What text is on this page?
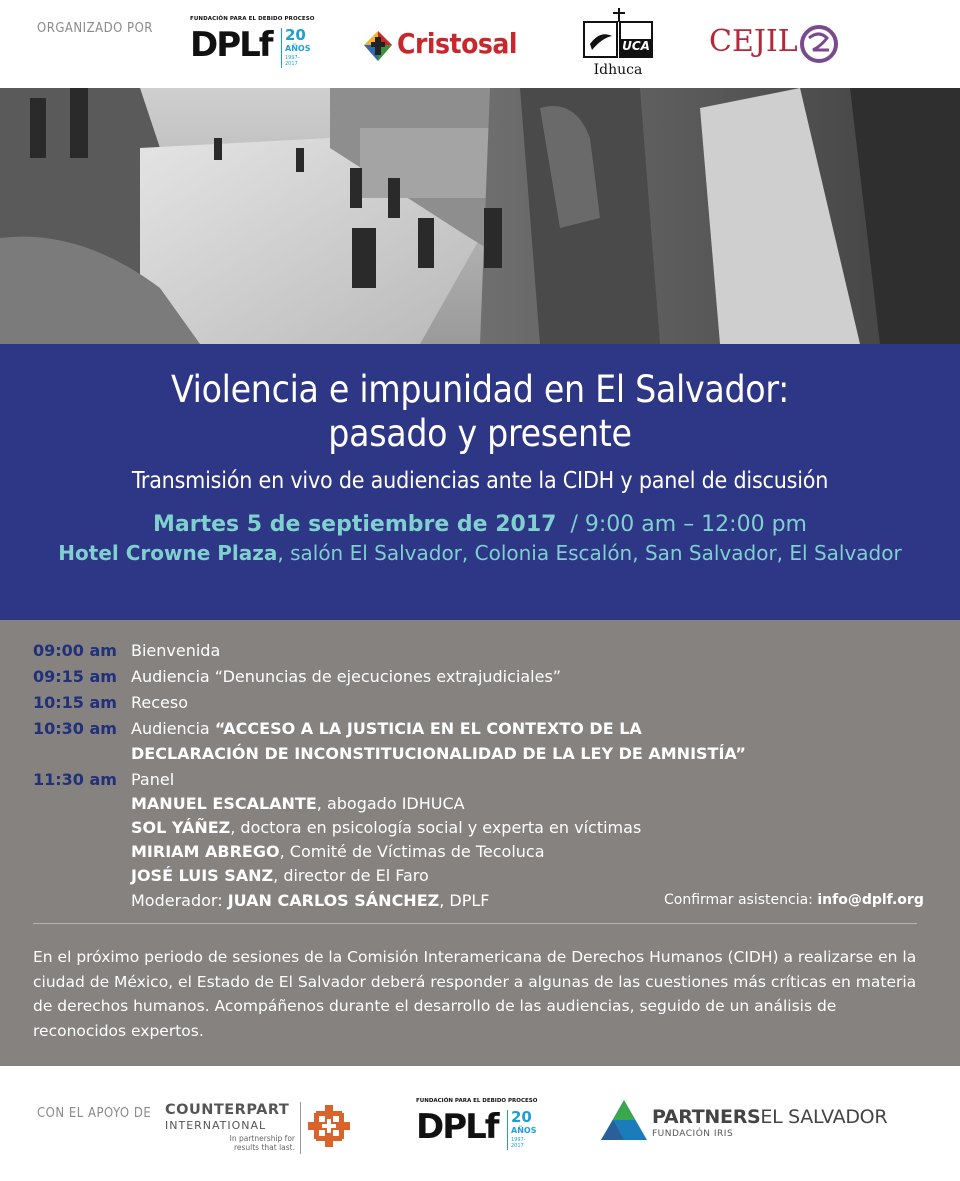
ORGANIZADO POR
FUNDACIÓN PARA EL DEBIDO PROCESO
DPLf 20
AÑOS
1997-2017
Cristosal	UCA
Idhuca
CEJIL
Violencia e impunidad en El Salvador:
pasado y presente
Transmisión en vivo de audiencias ante la CIDH y panel de discusión
Martes 5 de septiembre de 2017 / 9:00 am – 12:00 pm
Hotel Crowne Plaza, salón El Salvador, Colonia Escalón, San Salvador, El Salvador
09:00 am Bienvenida
09:15 am Audiencia “Denuncias de ejecuciones extrajudiciales”
10:15 am Receso
10:30 am Audiencia “ACCESO A LA JUSTICIA EN EL CONTEXTO DE LA
DECLARACIÓN DE INCONSTITUCIONALIDAD DE LA LEY DE AMNISTÍA”
11:30 am Panel
MANUEL ESCALANTE, abogado IDHUCA
SOL YÁÑEZ, doctora en psicología social y experta en víctimas
MIRIAM ABREGO, Comité de Víctimas de Tecoluca
JOSÉ LUIS SANZ, director de El Faro
Moderador: JUAN CARLOS SÁNCHEZ, DPLF	Confirmar asistencia: info@dplf.org
En el próximo periodo de sesiones de la Comisión Interamericana de Derechos Humanos (CIDH) a realizarse en la ciudad de México, el Estado de El Salvador deberá responder a algunas de las cuestiones más críticas en materia de derechos humanos. Acompáñenos durante el desarrollo de las audiencias, seguido de un análisis de reconocidos expertos.
CON EL APOYO DE COUNTERPART
INTERNATIONAL
In partnership for
results that last.
FUNDACIÓN PARA EL DEBIDO PROCESO
DPLf 20
AÑOS
1997-2017
PARTNERSEL SALVADOR
FUNDACIÓN IRIS
